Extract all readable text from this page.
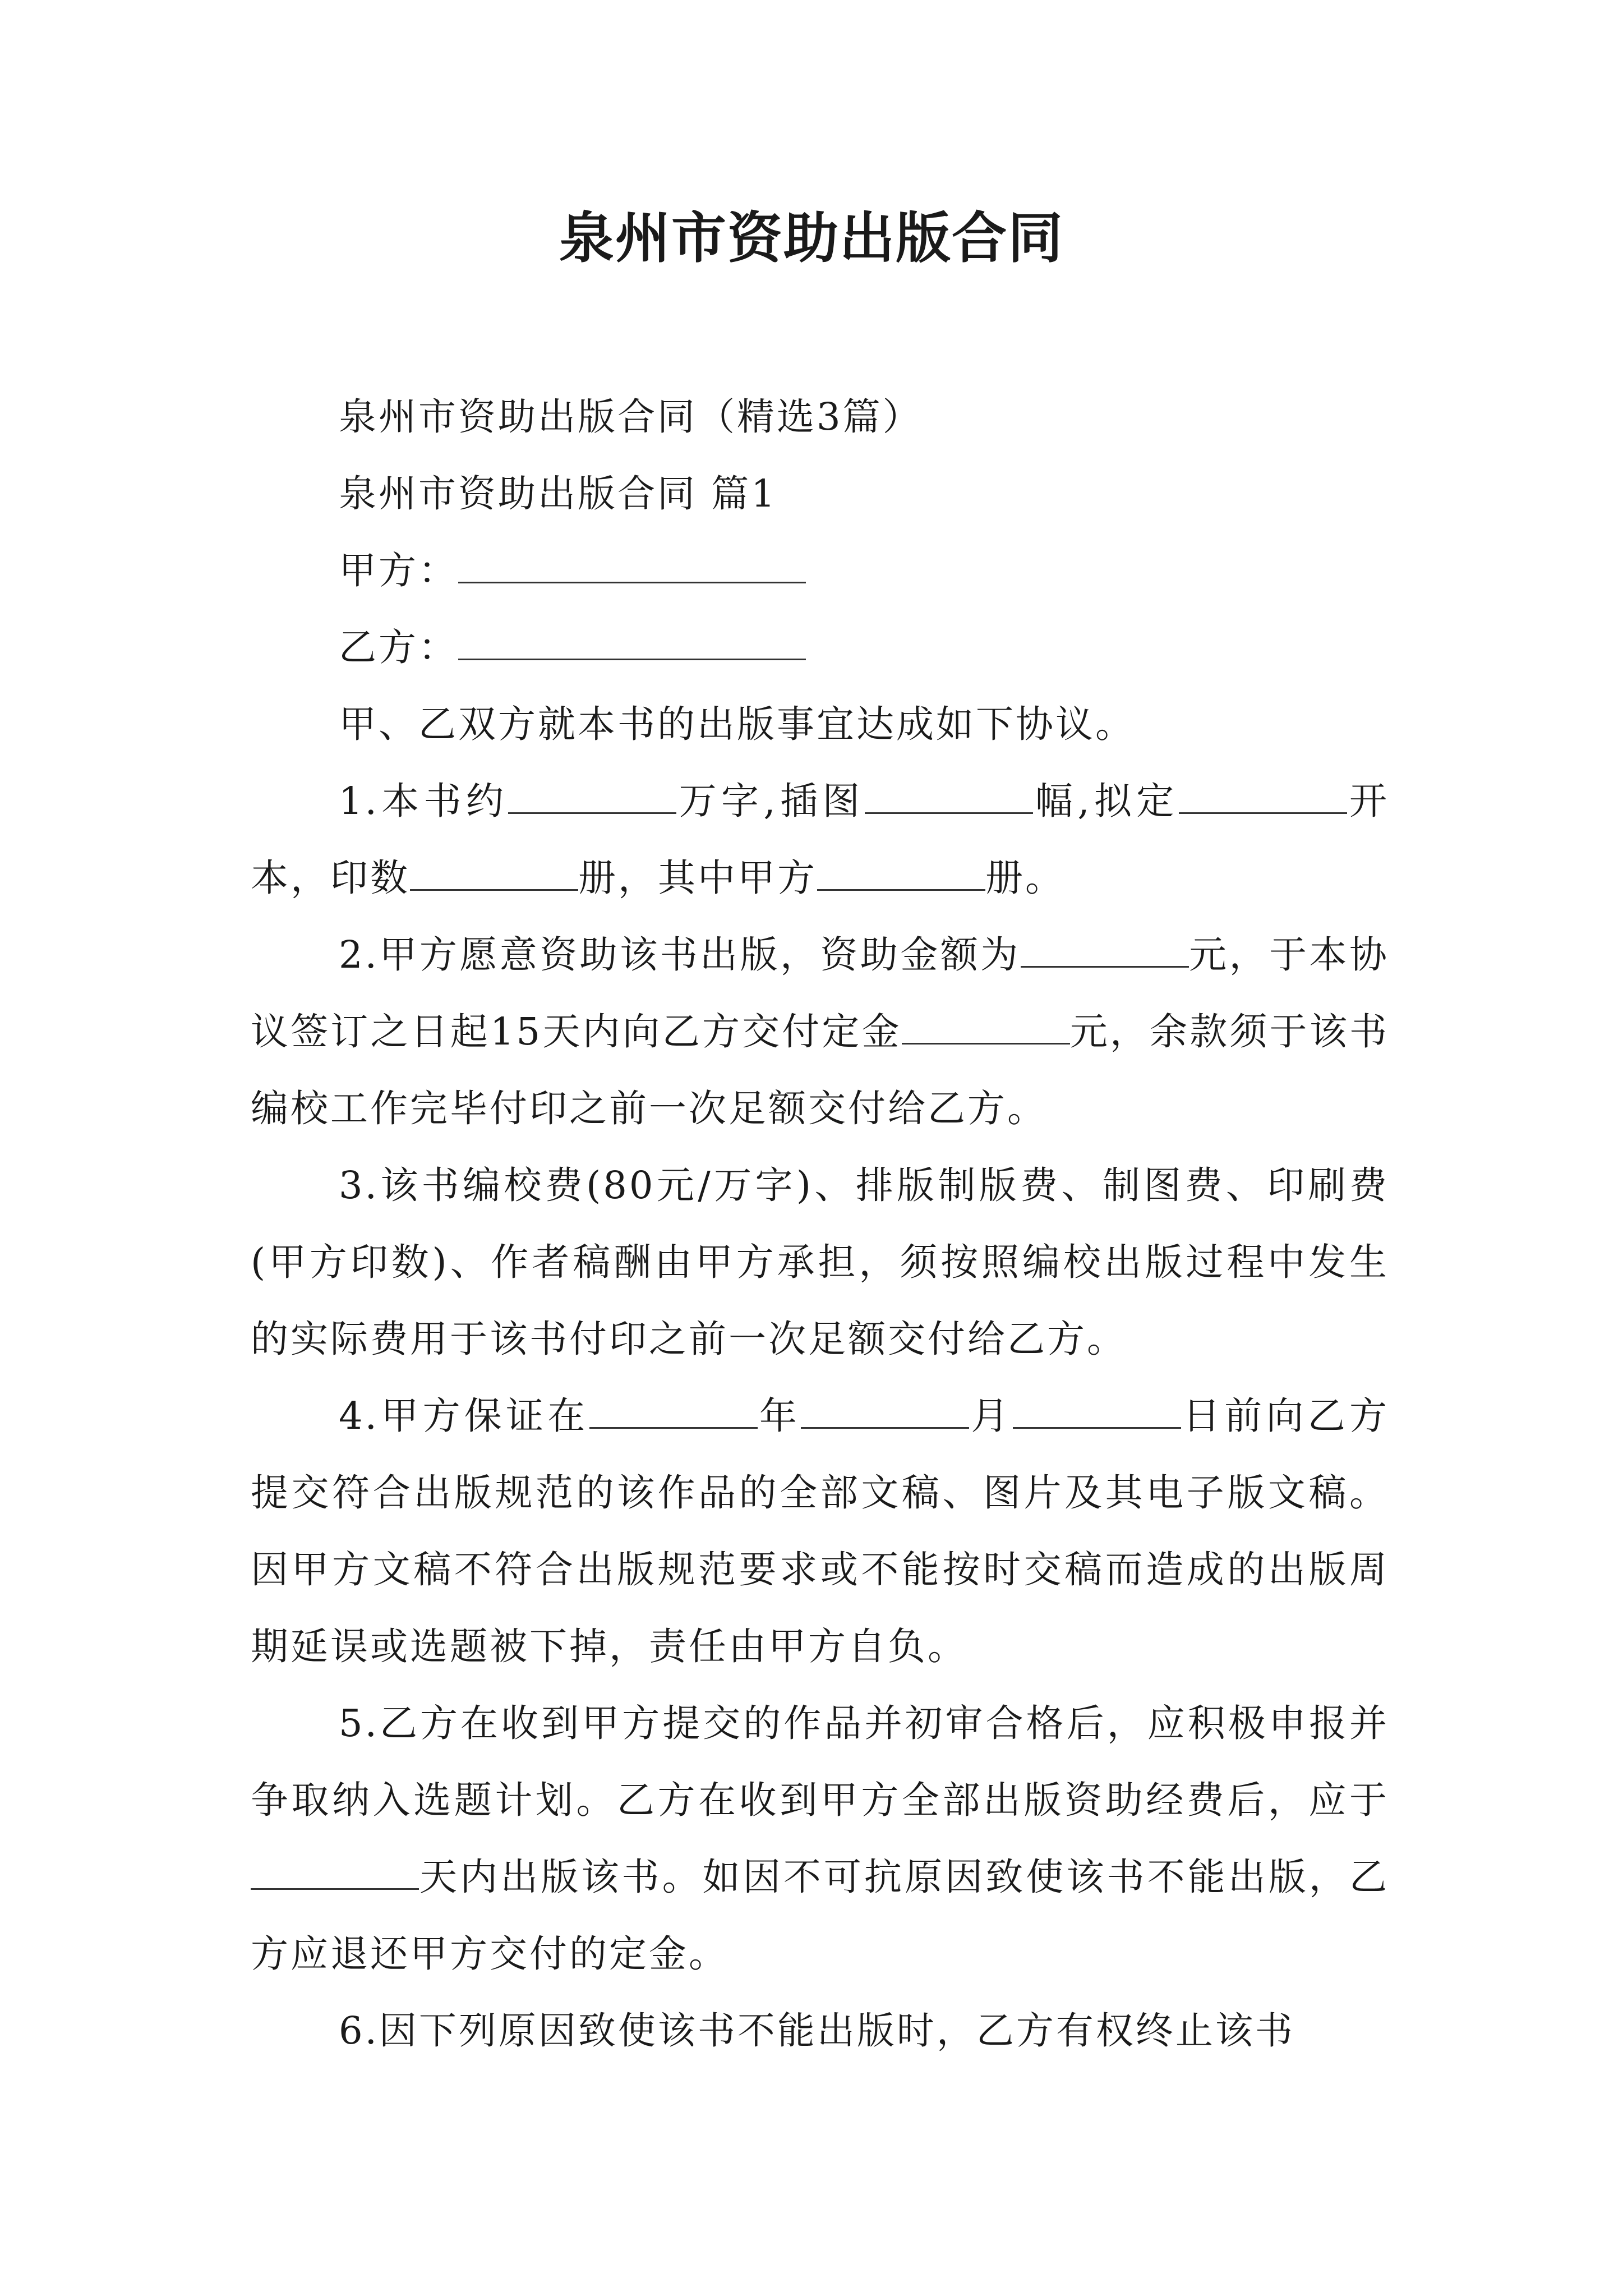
泉州市资助出版合同

泉州市资助出版合同（精选3篇）

泉州市资助出版合同 篇1

甲方：

乙方：

甲、乙双方就本书的出版事宜达成如下协议。

1.本书约	万字,插图	幅,拟定	开本，印数	册，其中甲方	册。

2.甲方愿意资助该书出版，资助金额为	元，于本协议签订之日起15天内向乙方交付定金	元，余款须于该书编校工作完毕付印之前一次足额交付给乙方。

3.该书编校费(80元/万字)、排版制版费、制图费、印刷费(甲方印数)、作者稿酬由甲方承担，须按照编校出版过程中发生的实际费用于该书付印之前一次足额交付给乙方。

4.甲方保证在	年	月	日前向乙方提交符合出版规范的该作品的全部文稿、图片及其电子版文稿。因甲方文稿不符合出版规范要求或不能按时交稿而造成的出版周期延误或选题被下掉，责任由甲方自负。

5.乙方在收到甲方提交的作品并初审合格后，应积极申报并争取纳入选题计划。乙方在收到甲方全部出版资助经费后，应于天内出版该书。如因不可抗原因致使该书不能出版，乙方应退还甲方交付的定金。

6.因下列原因致使该书不能出版时，乙方有权终止该书
